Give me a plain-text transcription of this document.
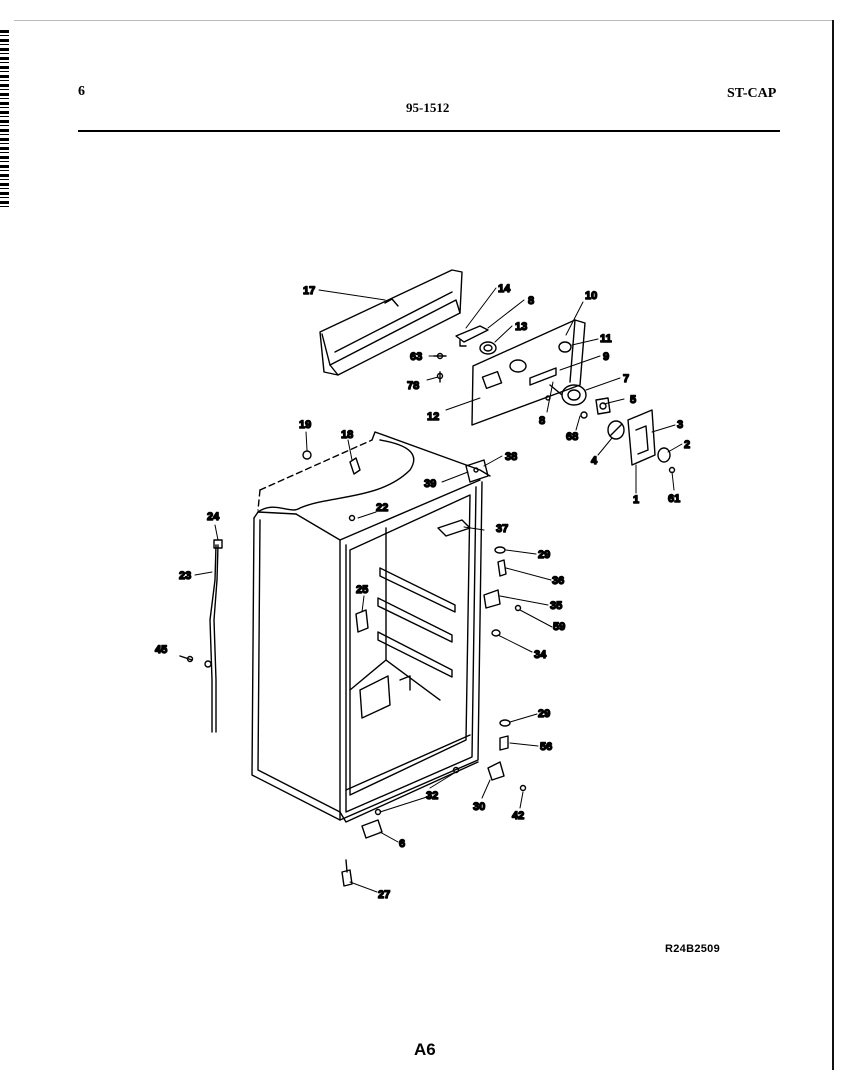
6
95-1512
ST-CAP
17	14
8
13
10
11
63
78
9
7
12	8
5
68
3
2
4
1	61
19
18
38
39
22
37
24
29
36
23
25
35
59
45	34
29
56
32
30
42
6
27
R24B2509
A6
